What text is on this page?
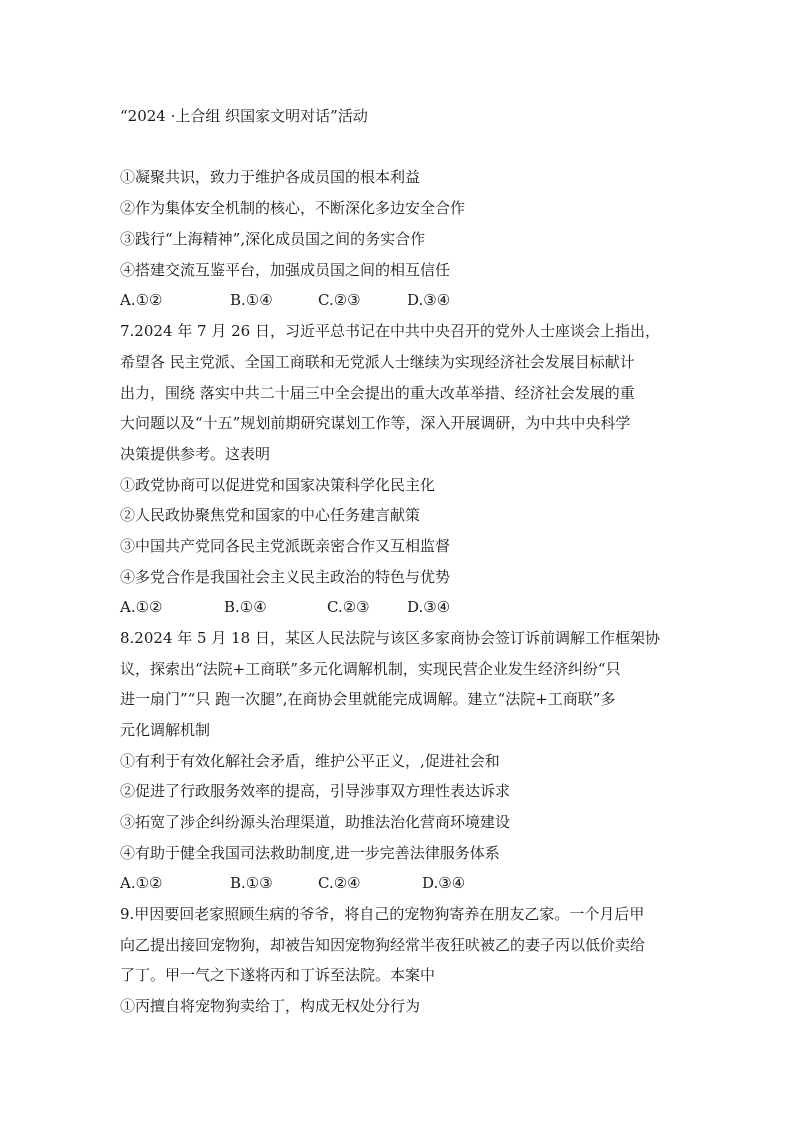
“2024 ·上合组 织国家文明对话”活动
①凝聚共识，致力于维护各成员国的根本利益
②作为集体安全机制的核心，不断深化多边安全合作
③践行“上海精神”,深化成员国之间的务实合作
④搭建交流互鉴平台，加强成员国之间的相互信任
A.①②	B.①④	C.②③	D.③④
7.2024 年 7 月 26 日，习近平总书记在中共中央召开的党外人士座谈会上指出，
希望各 民主党派、全国工商联和无党派人士继续为实现经济社会发展目标献计
出力，围绕 落实中共二十届三中全会提出的重大改革举措、经济社会发展的重
大问题以及“十五”规划前期研究谋划工作等，深入开展调研，为中共中央科学
决策提供参考。这表明
①政党协商可以促进党和国家决策科学化民主化
②人民政协聚焦党和国家的中心任务建言献策
③中国共产党同各民主党派既亲密合作又互相监督
④多党合作是我国社会主义民主政治的特色与优势
A.①②	B.①④	C.②③ D.③④
8.2024 年 5 月 18 日，某区人民法院与该区多家商协会签订诉前调解工作框架协
议，探索出“法院+工商联”多元化调解机制，实现民营企业发生经济纠纷“只
进一扇门”“只 跑一次腿”,在商协会里就能完成调解。建立“法院+工商联”多
元化调解机制
①有利于有效化解社会矛盾，维护公平正义，,促进社会和
②促进了行政服务效率的提高，引导涉事双方理性表达诉求
③拓宽了涉企纠纷源头治理渠道，助推法治化营商环境建设
④有助于健全我国司法救助制度,进一步完善法律服务体系
A.①②	B.①③	C.②④	D.③④
9.甲因要回老家照顾生病的爷爷，将自己的宠物狗寄养在朋友乙家。一个月后甲
向乙提出接回宠物狗，却被告知因宠物狗经常半夜狂吠被乙的妻子丙以低价卖给
了丁。甲一气之下遂将丙和丁诉至法院。本案中
①丙擅自将宠物狗卖给丁，构成无权处分行为
